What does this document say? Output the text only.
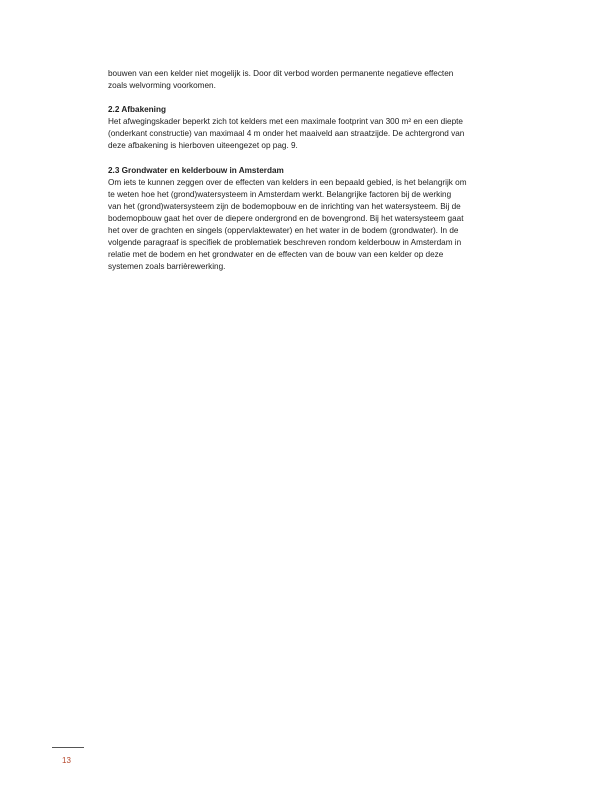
bouwen van een kelder niet mogelijk is. Door dit verbod worden permanente negatieve effecten
zoals welvorming voorkomen.

2.2 Afbakening

Het afwegingskader beperkt zich tot kelders met een maximale footprint van 300 m² en een diepte
(onderkant constructie) van maximaal 4 m onder het maaiveld aan straatzijde. De achtergrond van
deze afbakening is hierboven uiteengezet op pag. 9.

2.3 Grondwater en kelderbouw in Amsterdam

Om iets te kunnen zeggen over de effecten van kelders in een bepaald gebied, is het belangrijk om
te weten hoe het (grond)watersysteem in Amsterdam werkt. Belangrijke factoren bij de werking
van het (grond)watersysteem zijn de bodemopbouw en de inrichting van het watersysteem. Bij de
bodemopbouw gaat het over de diepere ondergrond en de bovengrond. Bij het watersysteem gaat
het over de grachten en singels (oppervlaktewater) en het water in de bodem (grondwater). In de
volgende paragraaf is specifiek de problematiek beschreven rondom kelderbouw in Amsterdam in
relatie met de bodem en het grondwater en de effecten van de bouw van een kelder op deze
systemen zoals barrièrewerking.

13
